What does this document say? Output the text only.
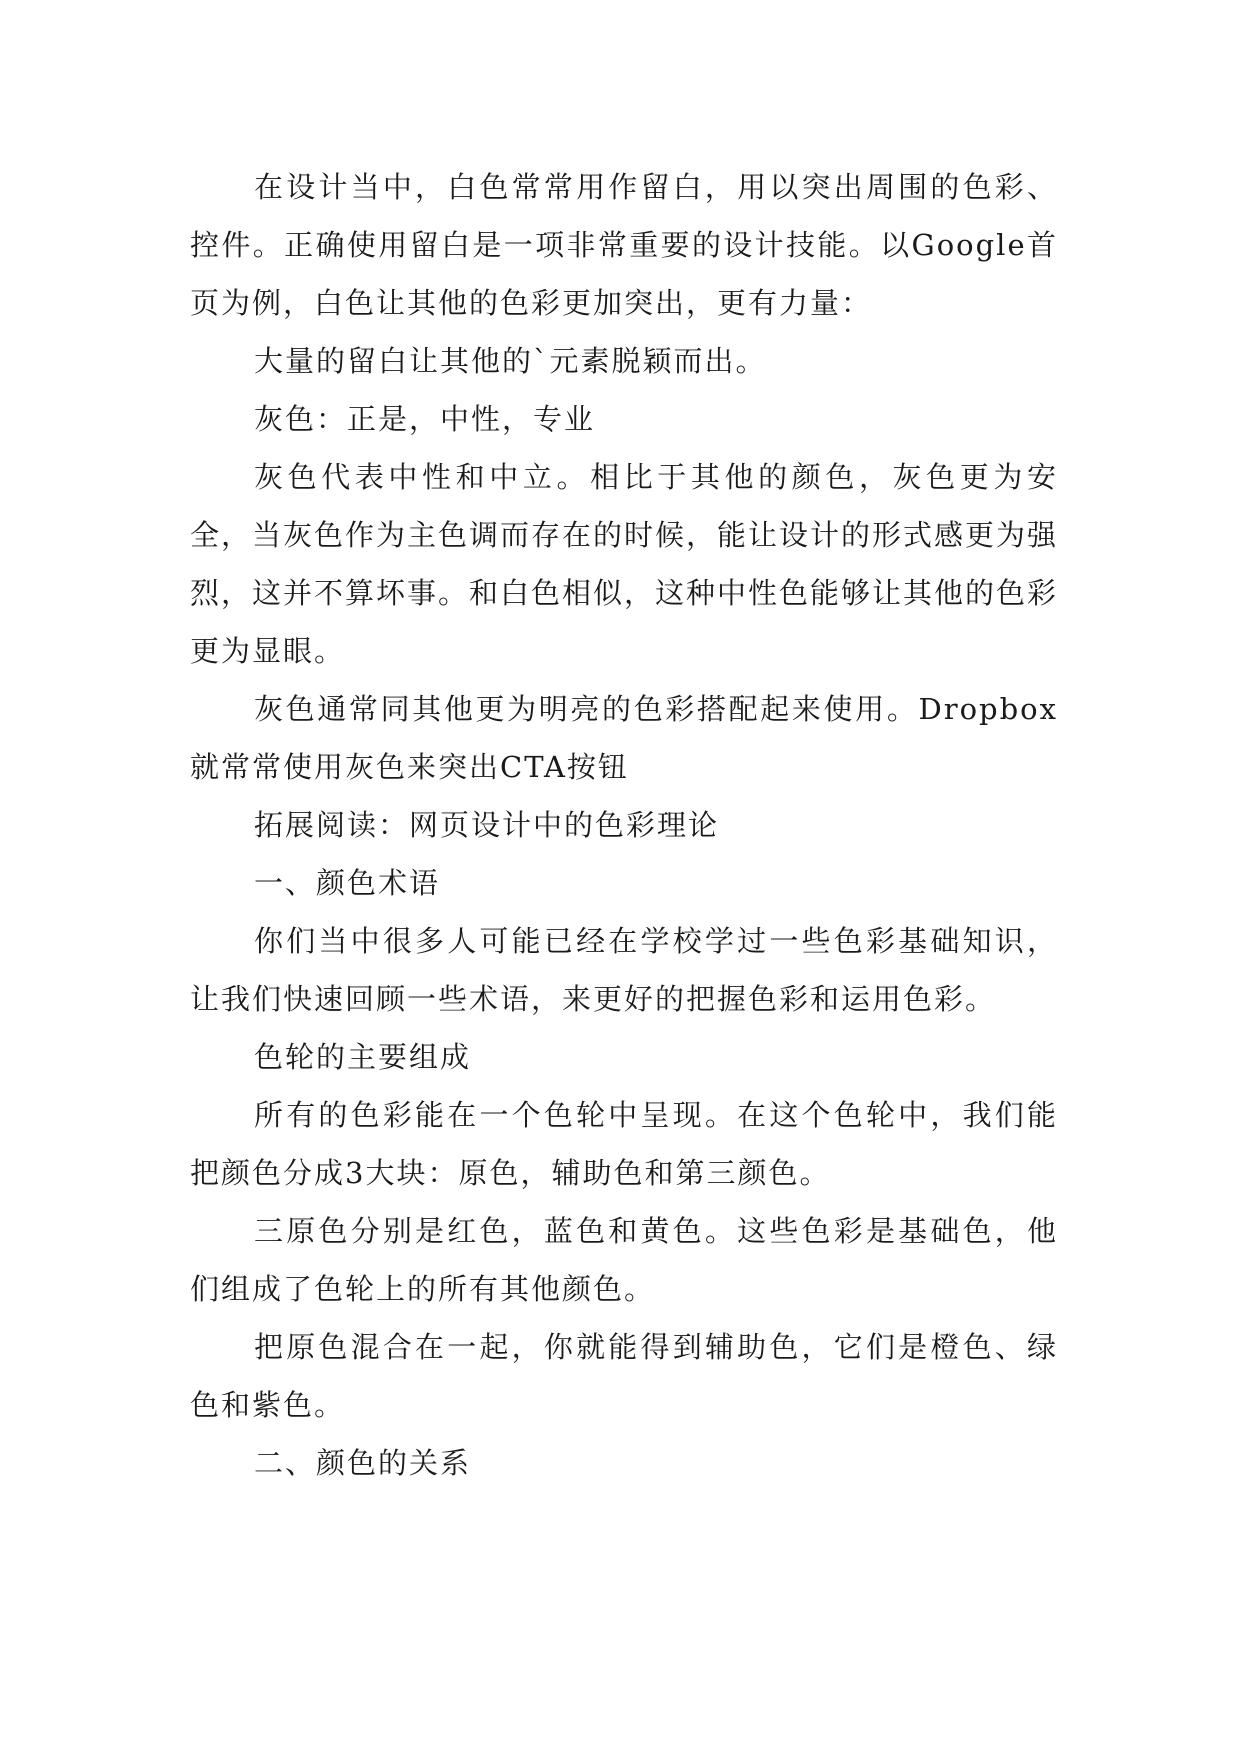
在设计当中，白色常常用作留白，用以突出周围的色彩、控件。正确使用留白是一项非常重要的设计技能。以Google首页为例，白色让其他的色彩更加突出，更有力量：

大量的留白让其他的`元素脱颖而出。

灰色：正是，中性，专业

灰色代表中性和中立。相比于其他的颜色，灰色更为安全，当灰色作为主色调而存在的时候，能让设计的形式感更为强烈，这并不算坏事。和白色相似，这种中性色能够让其他的色彩更为显眼。

灰色通常同其他更为明亮的色彩搭配起来使用。Dropbox 就常常使用灰色来突出CTA按钮

拓展阅读：网页设计中的色彩理论

一、颜色术语

你们当中很多人可能已经在学校学过一些色彩基础知识，让我们快速回顾一些术语，来更好的把握色彩和运用色彩。

色轮的主要组成

所有的色彩能在一个色轮中呈现。在这个色轮中，我们能把颜色分成3大块：原色，辅助色和第三颜色。

三原色分别是红色，蓝色和黄色。这些色彩是基础色，他们组成了色轮上的所有其他颜色。

把原色混合在一起，你就能得到辅助色，它们是橙色、绿色和紫色。

二、颜色的关系
